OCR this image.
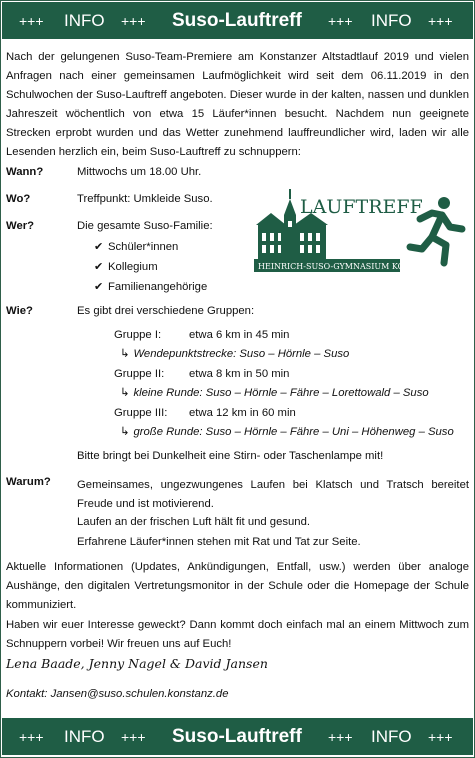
+++ INFO +++ Suso-Lauftreff +++ INFO +++

Nach der gelungenen Suso-Team-Premiere am Konstanzer Altstadtlauf 2019 und vielen Anfragen nach einer gemeinsamen Laufmöglichkeit wird seit dem 06.11.2019 in den Schulwochen der Suso-Lauftreff angeboten. Dieser wurde in der kalten, nassen und dunklen Jahreszeit wöchentlich von etwa 15 Läufer*innen besucht. Nachdem nun geeignete Strecken erprobt wurden und das Wetter zunehmend lauffreundlicher wird, laden wir alle Lesenden herzlich ein, beim Suso-Lauftreff zu schnuppern:

Wann?	Mittwochs um 18.00 Uhr.
Wo?	Treffpunkt: Umkleide Suso.
Wer?	Die gesamte Suso-Familie:
✔ Schüler*innen
✔ Kollegium
✔ Familienangehörige
LAUFTREFF
HEINRICH-SUSO-GYMNASIUM KONSTANZ
Wie?	Es gibt drei verschiedene Gruppen:
Gruppe I: etwa 6 km in 45 min
↳ Wendepunktstrecke: Suso – Hörnle – Suso
Gruppe II: etwa 8 km in 50 min
↳ kleine Runde: Suso – Hörnle – Fähre – Lorettowald – Suso
Gruppe III: etwa 12 km in 60 min
↳ große Runde: Suso – Hörnle – Fähre – Uni – Höhenweg – Suso
Bitte bringt bei Dunkelheit eine Stirn- oder Taschenlampe mit!
Warum? Gemeinsames, ungezwungenes Laufen bei Klatsch und Tratsch bereitet Freude und ist motivierend.

Laufen an der frischen Luft hält fit und gesund.
Erfahrene Läufer*innen stehen mit Rat und Tat zur Seite.

Aktuelle Informationen (Updates, Ankündigungen, Entfall, usw.) werden über analoge Aushänge, den digitalen Vertretungsmonitor in der Schule oder die Homepage der Schule kommuniziert.

Haben wir euer Interesse geweckt? Dann kommt doch einfach mal an einem Mittwoch zum Schnuppern vorbei! Wir freuen uns auf Euch!

Lena Baade, Jenny Nagel & David Jansen
Kontakt: Jansen@suso.schulen.konstanz.de
+++ INFO +++ Suso-Lauftreff +++ INFO +++
